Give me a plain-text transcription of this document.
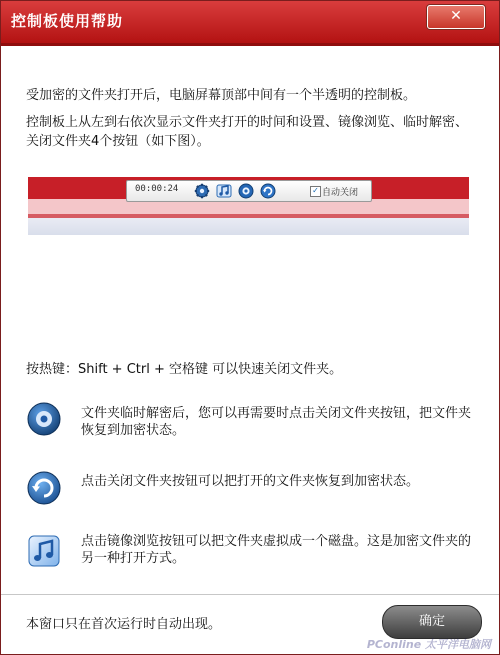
控制板使用帮助	✕
受加密的文件夹打开后，电脑屏幕顶部中间有一个半透明的控制板。
控制板上从左到右依次显示文件夹打开的时间和设置、镜像浏览、临时解密、关闭文件夹4个按钮（如下图）。
00:00:24	✓ 自动关闭
按热键：Shift + Ctrl + 空格键 可以快速关闭文件夹。
文件夹临时解密后，您可以再需要时点击关闭文件夹按钮，把文件夹恢复到加密状态。
点击关闭文件夹按钮可以把打开的文件夹恢复到加密状态。
点击镜像浏览按钮可以把文件夹虚拟成一个磁盘。这是加密文件夹的另一种打开方式。
本窗口只在首次运行时自动出现。	确定
PConline 太平洋电脑网
